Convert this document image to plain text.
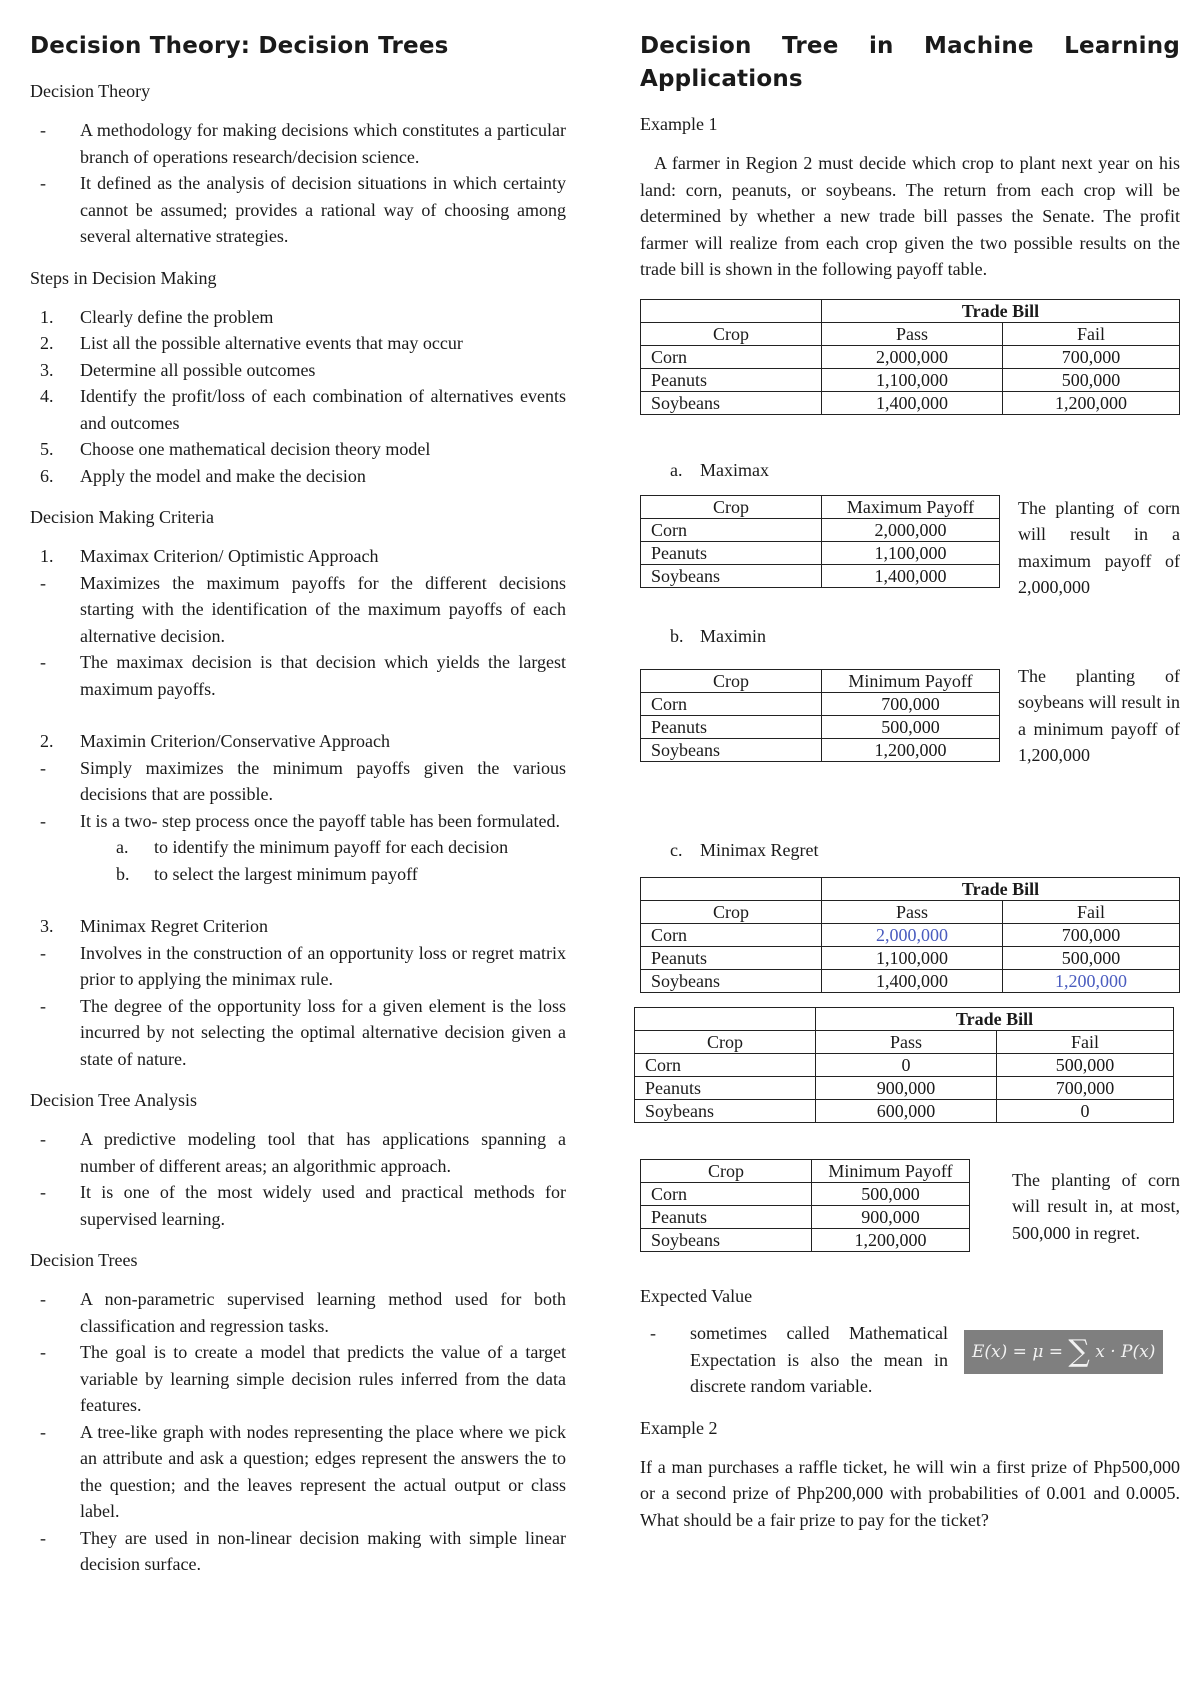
Decision Theory: Decision Trees

Decision Theory

- A methodology for making decisions which constitutes a particular branch of operations research/decision science.
- It defined as the analysis of decision situations in which certainty cannot be assumed; provides a rational way of choosing among several alternative strategies.

Steps in Decision Making

1. Clearly define the problem
2. List all the possible alternative events that may occur
3. Determine all possible outcomes
4. Identify the profit/loss of each combination of alternatives events and outcomes
5. Choose one mathematical decision theory model
6. Apply the model and make the decision

Decision Making Criteria

1. Maximax Criterion/ Optimistic Approach
- Maximizes the maximum payoffs for the different decisions starting with the identification of the maximum payoffs of each alternative decision.
- The maximax decision is that decision which yields the largest maximum payoffs.
2. Maximin Criterion/Conservative Approach
- Simply maximizes the minimum payoffs given the various decisions that are possible.
- It is a two- step process once the payoff table has been formulated.
a. to identify the minimum payoff for each decision
b. to select the largest minimum payoff
3. Minimax Regret Criterion
- Involves in the construction of an opportunity loss or regret matrix prior to applying the minimax rule.
- The degree of the opportunity loss for a given element is the loss incurred by not selecting the optimal alternative decision given a state of nature.

Decision Tree Analysis

- A predictive modeling tool that has applications spanning a number of different areas; an algorithmic approach.
- It is one of the most widely used and practical methods for supervised learning.

Decision Trees

- A non-parametric supervised learning method used for both classification and regression tasks.
- The goal is to create a model that predicts the value of a target variable by learning simple decision rules inferred from the data features.
- A tree-like graph with nodes representing the place where we pick an attribute and ask a question; edges represent the answers the to the question; and the leaves represent the actual output or class label.
- They are used in non-linear decision making with simple linear decision surface.
Decision Tree in Machine Learning Applications

Example 1

A farmer in Region 2 must decide which crop to plant next year on his land: corn, peanuts, or soybeans. The return from each crop will be determined by whether a new trade bill passes the Senate. The profit farmer will realize from each crop given the two possible results on the trade bill is shown in the following payoff table.

	Trade Bill	
Crop	Pass	Fail
Corn	2,000,000	700,000
Peanuts	1,100,000	500,000
Soybeans	1,400,000	1,200,000

a. Maximax

Crop	Maximum Payoff
Corn	2,000,000
Peanuts	1,100,000
Soybeans	1,400,000

The planting of corn will result in a maximum payoff of 2,000,000

b. Maximin

Crop	Minimum Payoff
Corn	700,000
Peanuts	500,000
Soybeans	1,200,000

The planting of soybeans will result in a minimum payoff of 1,200,000

c. Minimax Regret

	Trade Bill	
Crop	Pass	Fail
Corn	2,000,000	700,000
Peanuts	1,100,000	500,000
Soybeans	1,400,000	1,200,000
	Trade Bill	
Crop	Pass	Fail
Corn	0	500,000
Peanuts	900,000	700,000
Soybeans	600,000	0
Crop	Minimum Payoff
Corn	500,000
Peanuts	900,000
Soybeans	1,200,000

The planting of corn will result in, at most, 500,000 in regret.

Expected Value

- sometimes called Mathematical Expectation is also the mean in discrete random variable.
E(x) = μ = ∑ x · P(x)

Example 2

If a man purchases a raffle ticket, he will win a first prize of Php500,000 or a second prize of Php200,000 with probabilities of 0.001 and 0.0005. What should be a fair prize to pay for the ticket?
